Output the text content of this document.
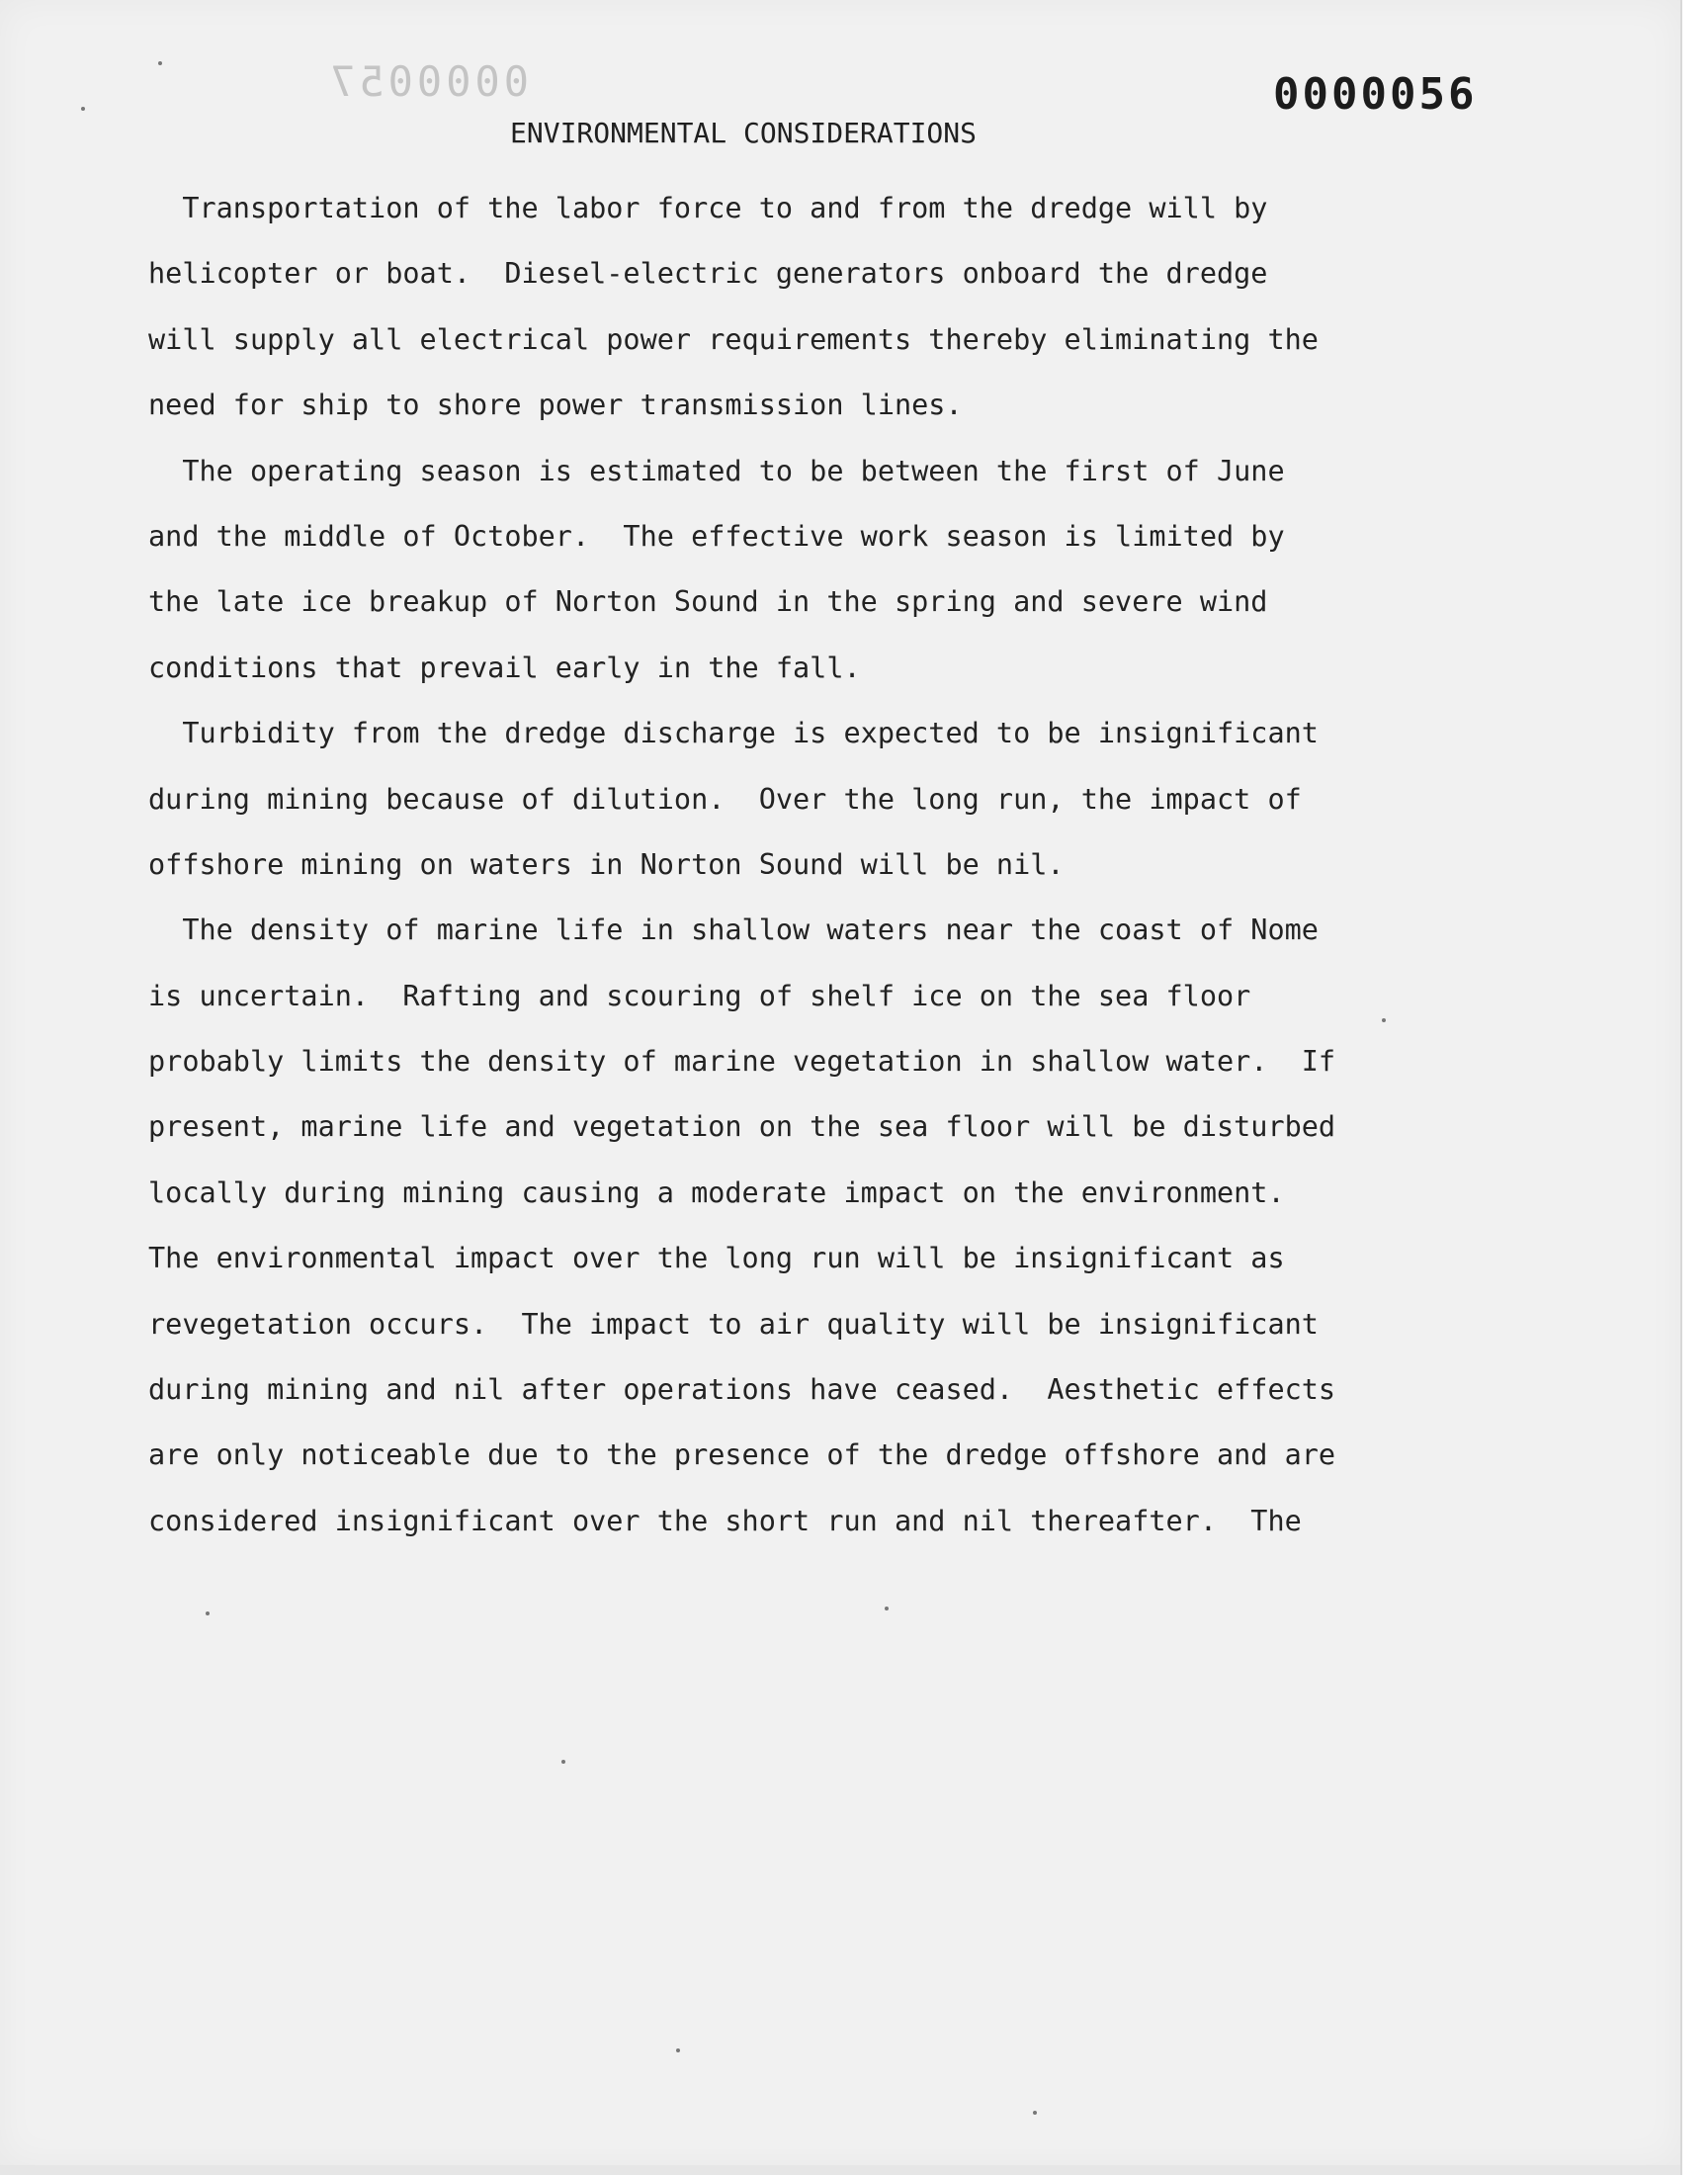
0000057	0000056
ENVIRONMENTAL CONSIDERATIONS
Transportation of the labor force to and from the dredge will by
helicopter or boat.  Diesel-electric generators onboard the dredge
will supply all electrical power requirements thereby eliminating the
need for ship to shore power transmission lines.
The operating season is estimated to be between the first of June
and the middle of October.  The effective work season is limited by
the late ice breakup of Norton Sound in the spring and severe wind
conditions that prevail early in the fall.
Turbidity from the dredge discharge is expected to be insignificant
during mining because of dilution.  Over the long run, the impact of
offshore mining on waters in Norton Sound will be nil.
The density of marine life in shallow waters near the coast of Nome
is uncertain.  Rafting and scouring of shelf ice on the sea floor
probably limits the density of marine vegetation in shallow water.  If
present, marine life and vegetation on the sea floor will be disturbed
locally during mining causing a moderate impact on the environment.
The environmental impact over the long run will be insignificant as
revegetation occurs.  The impact to air quality will be insignificant
during mining and nil after operations have ceased.  Aesthetic effects
are only noticeable due to the presence of the dredge offshore and are
considered insignificant over the short run and nil thereafter.  The
